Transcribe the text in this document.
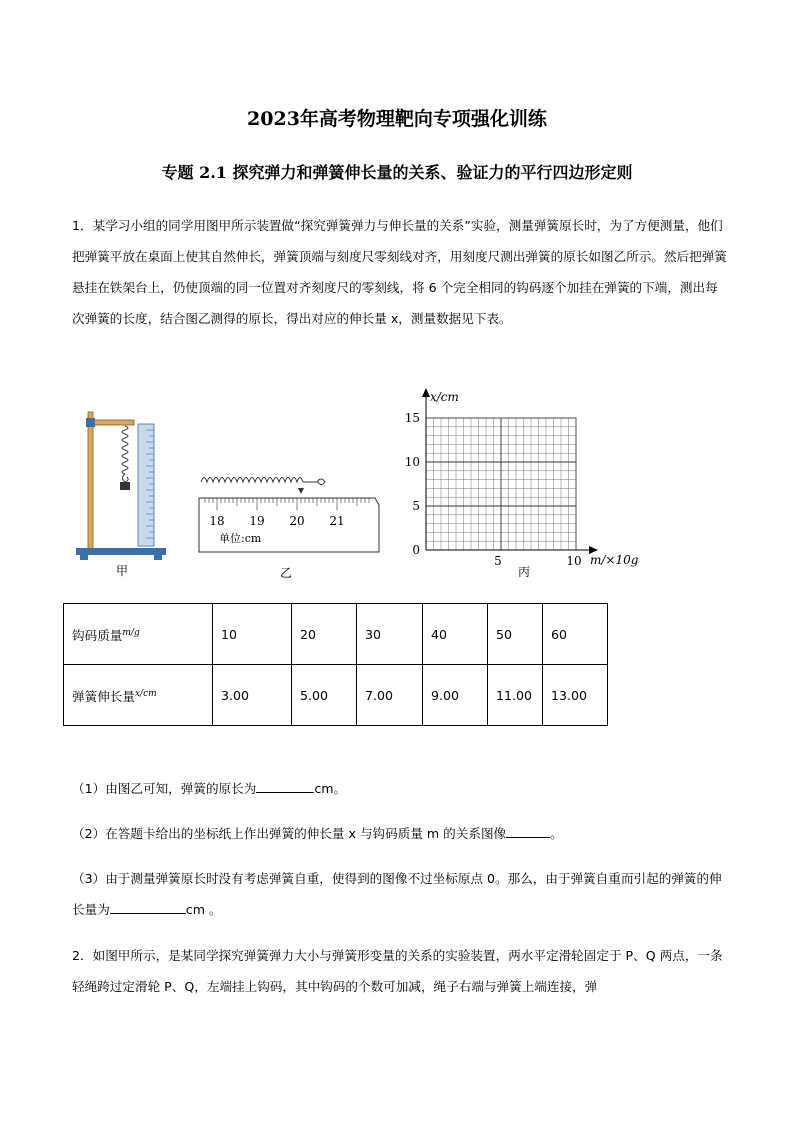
2023年高考物理靶向专项强化训练
专题 2.1 探究弹力和弹簧伸长量的关系、验证力的平行四边形定则
1．某学习小组的同学用图甲所示装置做“探究弹簧弹力与伸长量的关系”实验，测量弹簧原长时，为了方便测量，他们把弹簧平放在桌面上使其自然伸长，弹簧顶端与刻度尺零刻线对齐，用刻度尺测出弹簧的原长如图乙所示。然后把弹簧悬挂在铁架台上，仍使顶端的同一位置对齐刻度尺的零刻线，将 6 个完全相同的钩码逐个加挂在弹簧的下端，测出每次弹簧的长度，结合图乙测得的原长，得出对应的伸长量 x，测量数据见下表。
甲
18 19 20 21
单位:cm
乙
x/cm
m/×10g
15
10
5
0
5	10
丙
钩码质量$^{m/g}$	10	20	30	40	50	60
弹簧伸长量$^{x/cm}$	3.00	5.00	7.00	9.00	11.00	13.00
（1）由图乙可知，弹簧的原长为	cm。
（2）在答题卡给出的坐标纸上作出弹簧的伸长量 x 与钩码质量 m 的关系图像	。
（3）由于测量弹簧原长时没有考虑弹簧自重，使得到的图像不过坐标原点 0。那么，由于弹簧自重而引起的弹簧的伸长量为	cm 。
2．如图甲所示，是某同学探究弹簧弹力大小与弹簧形变量的关系的实验装置，两水平定滑轮固定于 P、Q 两点，一条轻绳跨过定滑轮 P、Q，左端挂上钩码，其中钩码的个数可加减，绳子右端与弹簧上端连接，弹
